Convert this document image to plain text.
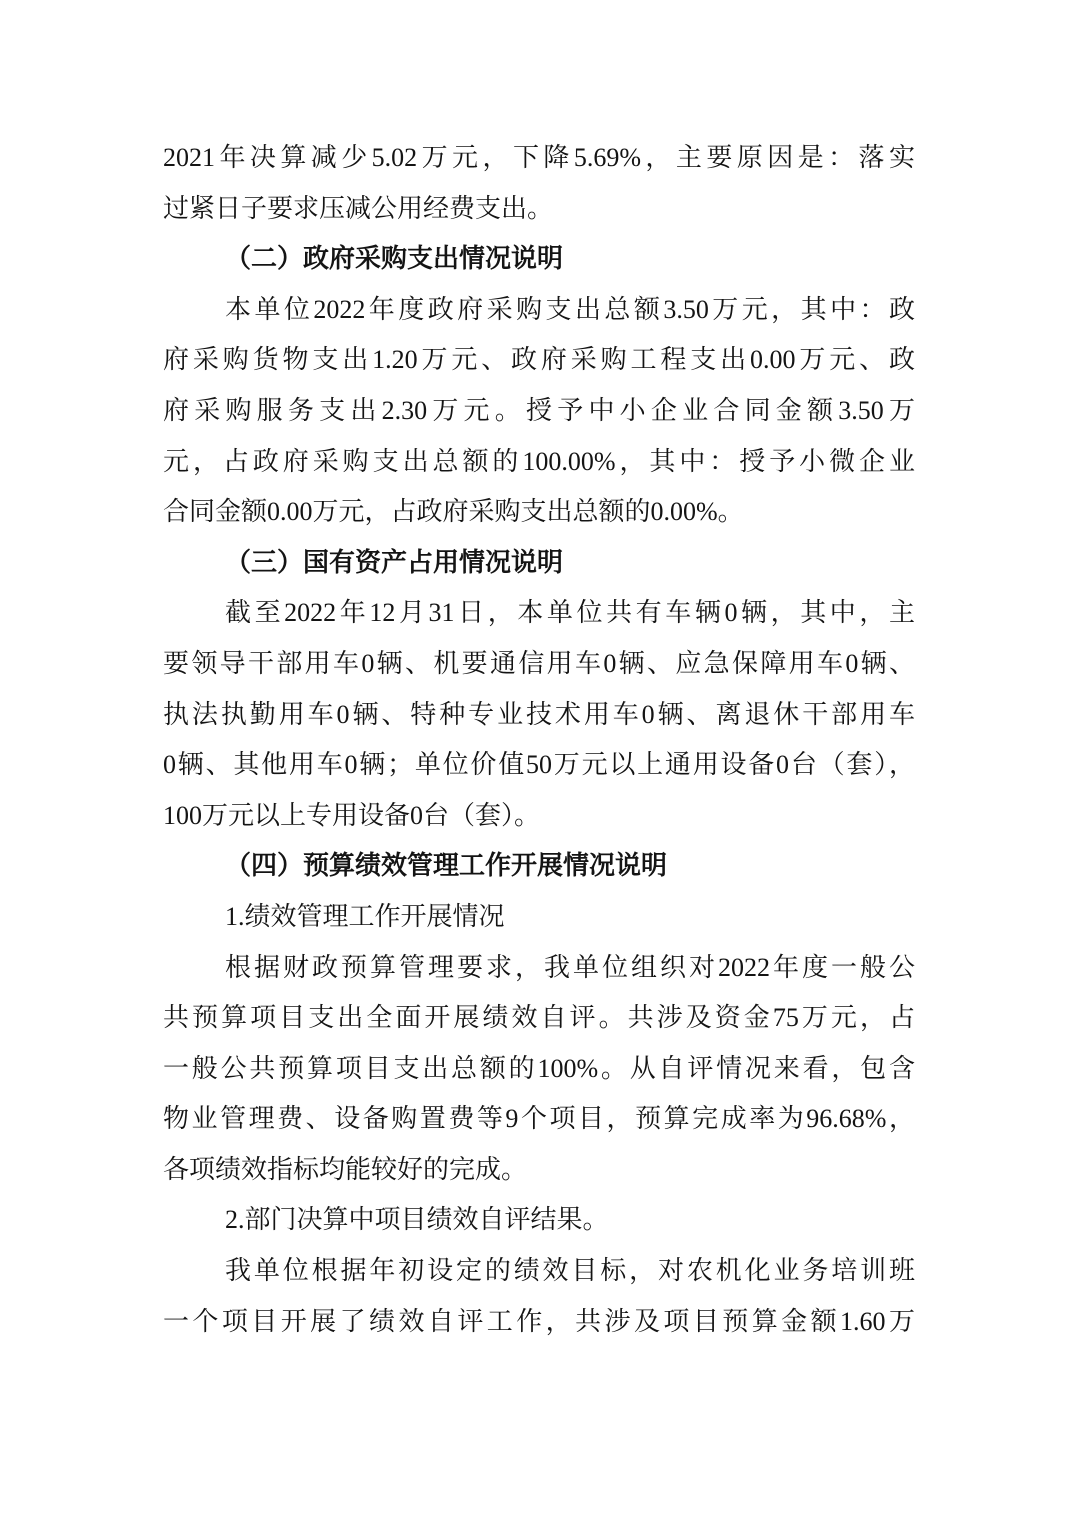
2021年决算减少5.02万元，下降5.69%，主要原因是：落实
过紧日子要求压减公用经费支出。
（二）政府采购支出情况说明
本单位2022年度政府采购支出总额3.50万元，其中：政
府采购货物支出1.20万元、政府采购工程支出0.00万元、政
府采购服务支出2.30万元。授予中小企业合同金额3.50万
元，占政府采购支出总额的100.00%，其中：授予小微企业
合同金额0.00万元，占政府采购支出总额的0.00%。
（三）国有资产占用情况说明
截至2022年12月31日，本单位共有车辆0辆，其中，主
要领导干部用车0辆、机要通信用车0辆、应急保障用车0辆、
执法执勤用车0辆、特种专业技术用车0辆、离退休干部用车
0辆、其他用车0辆；单位价值50万元以上通用设备0台（套），
100万元以上专用设备0台（套）。
（四）预算绩效管理工作开展情况说明
1.绩效管理工作开展情况
根据财政预算管理要求，我单位组织对2022年度一般公
共预算项目支出全面开展绩效自评。共涉及资金75万元，占
一般公共预算项目支出总额的100%。从自评情况来看，包含
物业管理费、设备购置费等9个项目，预算完成率为96.68%，
各项绩效指标均能较好的完成。
2.部门决算中项目绩效自评结果。
我单位根据年初设定的绩效目标，对农机化业务培训班
一个项目开展了绩效自评工作，共涉及项目预算金额1.60万
